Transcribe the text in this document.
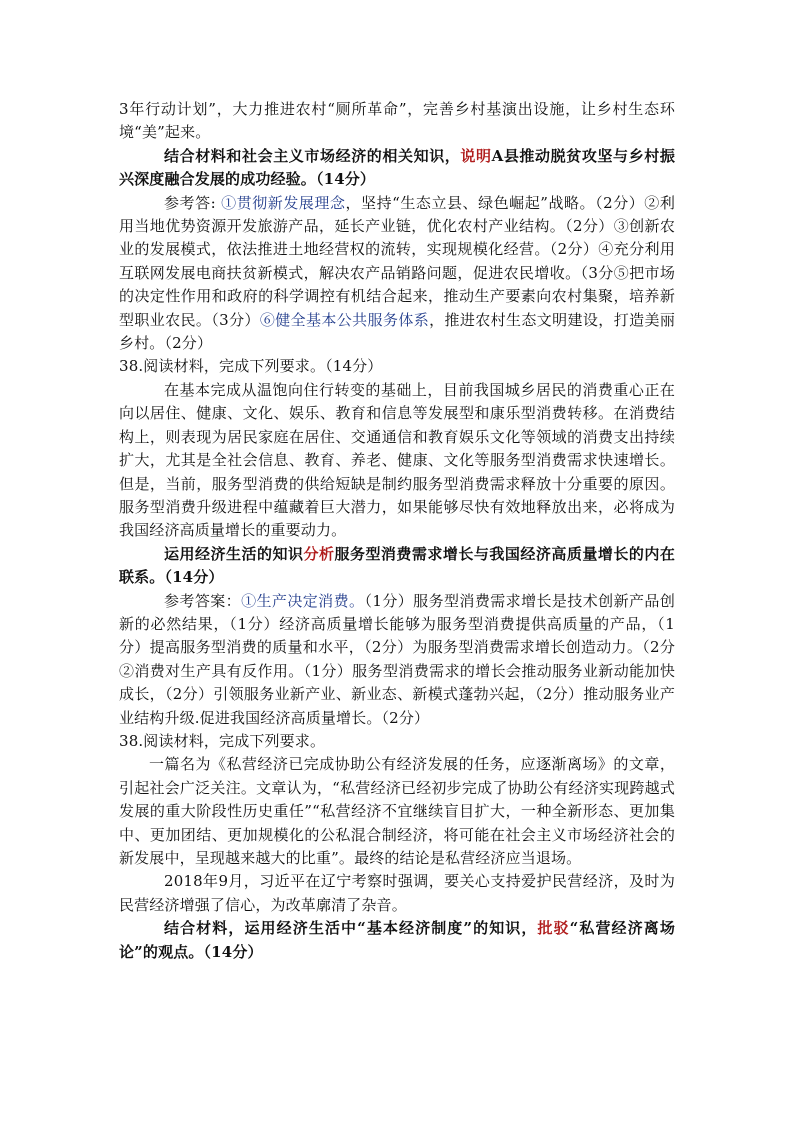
3年行动计划”，大力推进农村“厕所革命”，完善乡村基演出设施，让乡村生态环境“美”起来。

结合材料和社会主义市场经济的相关知识，说明A县推动脱贫攻坚与乡村振兴深度融合发展的成功经验。（14分）

参考答: ①贯彻新发展理念，坚持“生态立县、绿色崛起”战略。（2分）②利用当地优势资源开发旅游产品，延长产业链，优化农村产业结构。（2分）③创新农业的发展模式，依法推进土地经营权的流转，实现规模化经营。（2分）④充分利用互联网发展电商扶贫新模式，解决农产品销路问题，促进农民增收。（3分⑤把市场的决定性作用和政府的科学调控有机结合起来，推动生产要素向农村集聚，培养新型职业农民。（3分）⑥健全基本公共服务体系，推进农村生态文明建设，打造美丽乡村。（2分）

38.阅读材料，完成下列要求。（14分）

在基本完成从温饱向住行转变的基础上，目前我国城乡居民的消费重心正在向以居住、健康、文化、娱乐、教育和信息等发展型和康乐型消费转移。在消费结构上，则表现为居民家庭在居住、交通通信和教育娱乐文化等领域的消费支出持续扩大，尤其是全社会信息、教育、养老、健康、文化等服务型消费需求快速增长。但是，当前，服务型消费的供给短缺是制约服务型消费需求释放十分重要的原因。服务型消费升级进程中蕴藏着巨大潜力，如果能够尽快有效地释放出来，必将成为我国经济高质量增长的重要动力。

运用经济生活的知识分析服务型消费需求增长与我国经济高质量增长的内在联系。（14分）

参考答案：①生产决定消费。（1分）服务型消费需求增长是技术创新产品创新的必然结果，（1分）经济高质量增长能够为服务型消费提供高质量的产品，（1分）提高服务型消费的质量和水平，（2分）为服务型消费需求增长创造动力。（2分②消费对生产具有反作用。（1分）服务型消费需求的增长会推动服务业新动能加快成长，（2分）引领服务业新产业、新业态、新模式蓬勃兴起，（2分）推动服务业产业结构升级.促进我国经济高质量增长。（2分）

38.阅读材料，完成下列要求。

一篇名为《私营经济已完成协助公有经济发展的任务，应逐渐离场》的文章，引起社会广泛关注。文章认为，“私营经济已经初步完成了协助公有经济实现跨越式发展的重大阶段性历史重任”“私营经济不宜继续盲目扩大，一种全新形态、更加集中、更加团结、更加规模化的公私混合制经济，将可能在社会主义市场经济社会的新发展中，呈现越来越大的比重”。最终的结论是私营经济应当退场。

2018年9月，习近平在辽宁考察时强调，要关心支持爱护民营经济，及时为民营经济增强了信心，为改革廓清了杂音。

结合材料，运用经济生活中“基本经济制度”的知识，批驳“私营经济离场论”的观点。（14分）
